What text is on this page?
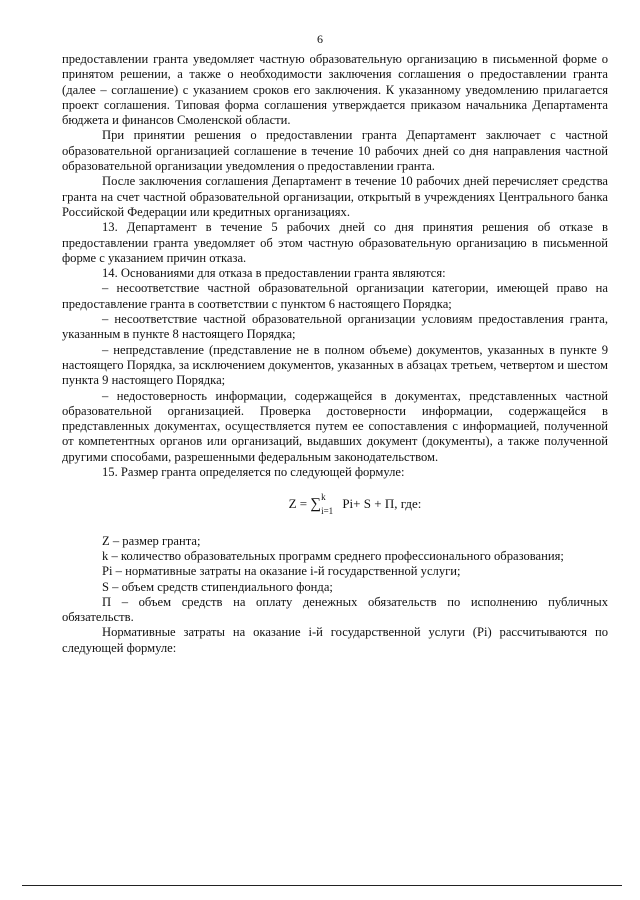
6

предоставлении гранта уведомляет частную образовательную организацию в письменной форме о принятом решении, а также о необходимости заключения соглашения о предоставлении гранта (далее – соглашение) с указанием сроков его заключения. К указанному уведомлению прилагается проект соглашения. Типовая форма соглашения утверждается приказом начальника Департамента бюджета и финансов Смоленской области.

При принятии решения о предоставлении гранта Департамент заключает с частной образовательной организацией соглашение в течение 10 рабочих дней со дня направления частной образовательной организации уведомления о предоставлении гранта.

После заключения соглашения Департамент в течение 10 рабочих дней перечисляет средства гранта на счет частной образовательной организации, открытый в учреждениях Центрального банка Российской Федерации или кредитных организациях.

13. Департамент в течение 5 рабочих дней со дня принятия решения об отказе в предоставлении гранта уведомляет об этом частную образовательную организацию в письменной форме с указанием причин отказа.

14. Основаниями для отказа в предоставлении гранта являются:

– несоответствие частной образовательной организации категории, имеющей право на предоставление гранта в соответствии с пунктом 6 настоящего Порядка;

– несоответствие частной образовательной организации условиям предоставления гранта, указанным в пункте 8 настоящего Порядка;

– непредставление (представление не в полном объеме) документов, указанных в пункте 9 настоящего Порядка, за исключением документов, указанных в абзацах третьем, четвертом и шестом пункта 9 настоящего Порядка;

– недостоверность информации, содержащейся в документах, представленных частной образовательной организацией. Проверка достоверности информации, содержащейся в представленных документах, осуществляется путем ее сопоставления с информацией, полученной от компетентных органов или организаций, выдавших документ (документы), а также полученной другими способами, разрешенными федеральным законодательством.

15. Размер гранта определяется по следующей формуле:

Z = ∑ k
i=1
Pi+ S + П, где:

Z – размер гранта;

k – количество образовательных программ среднего профессионального образования;

Pi – нормативные затраты на оказание i-й государственной услуги;

S – объем средств стипендиального фонда;

П – объем средств на оплату денежных обязательств по исполнению публичных обязательств.

Нормативные затраты на оказание i-й государственной услуги (Pi) рассчитываются по следующей формуле:
